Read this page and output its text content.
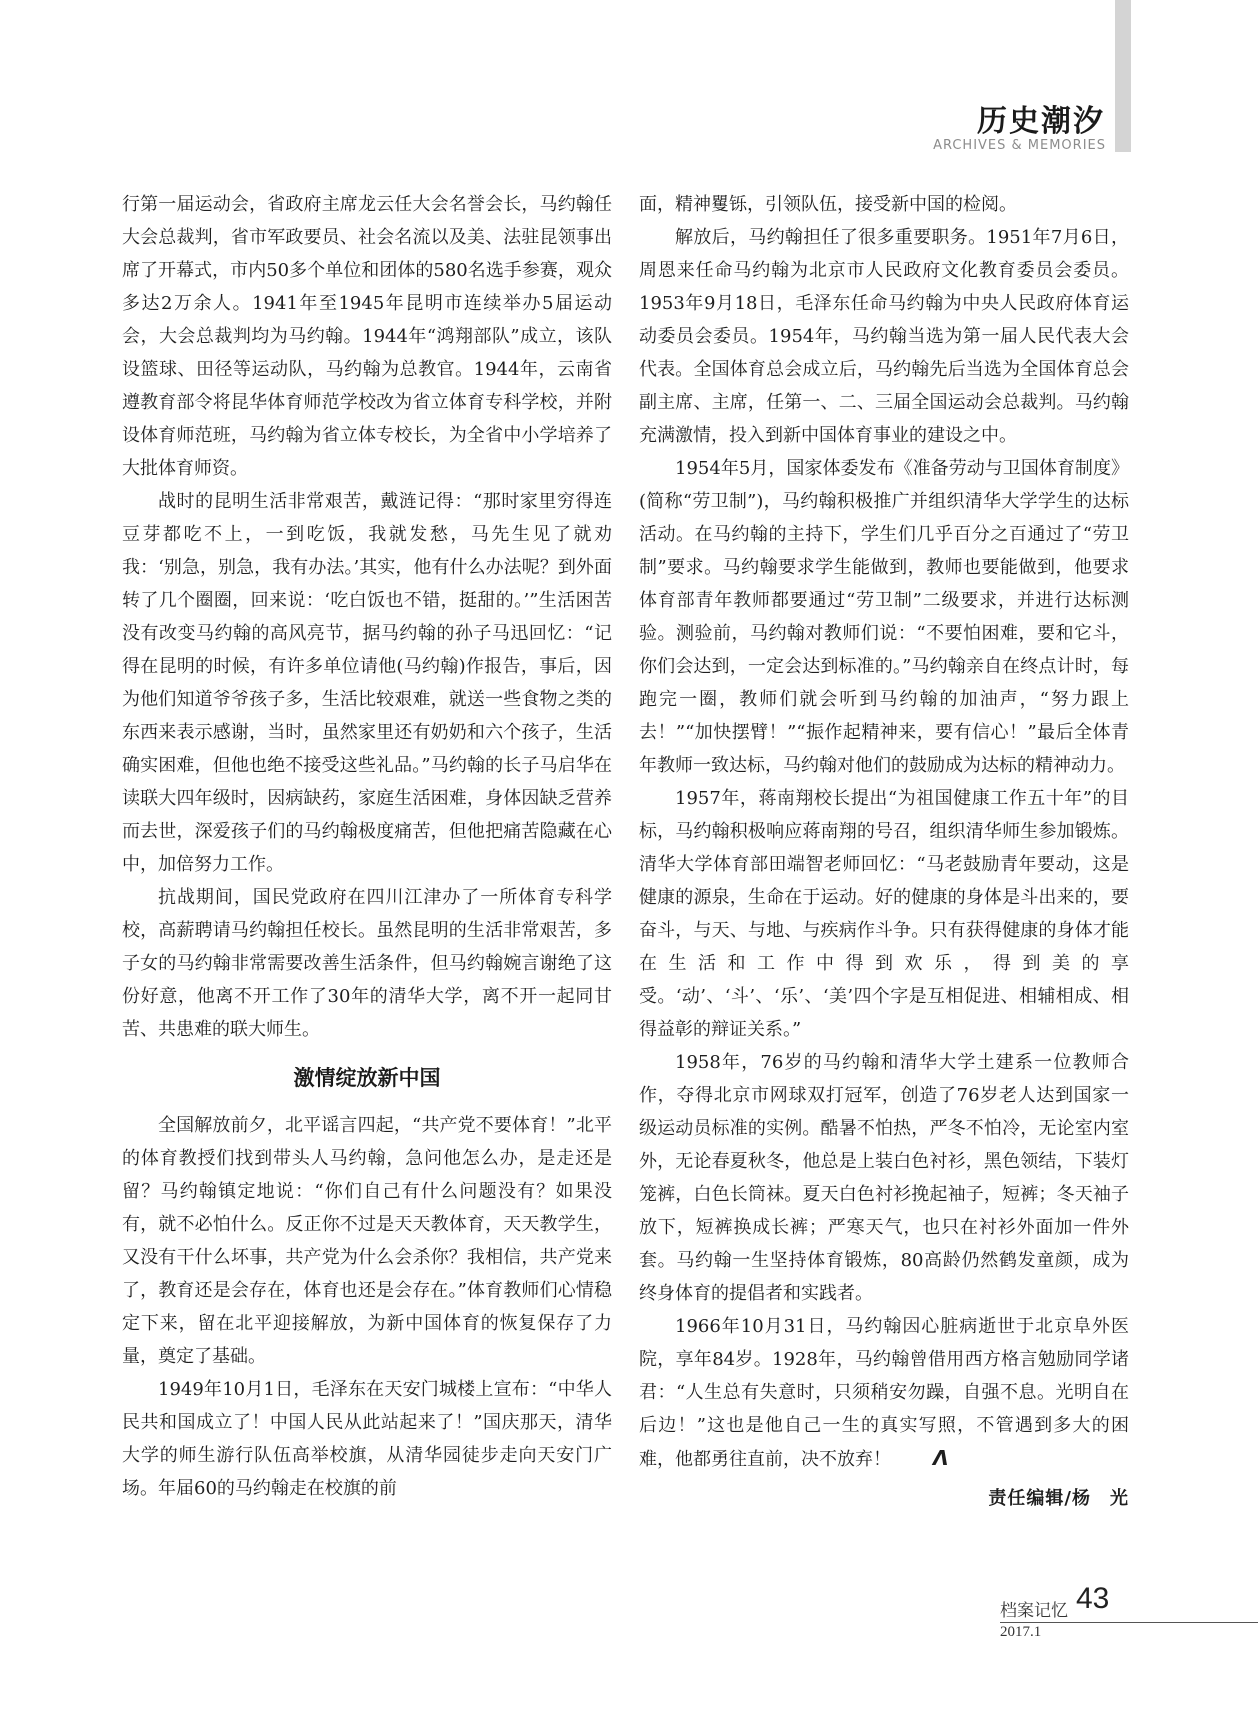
历史潮汐
ARCHIVES & MEMORIES

行第一届运动会，省政府主席龙云任大会名誉会长，马约翰任大会总裁判，省市军政要员、社会名流以及美、法驻昆领事出席了开幕式，市内50多个单位和团体的580名选手参赛，观众多达2万余人。1941年至1945年昆明市连续举办5届运动会，大会总裁判均为马约翰。1944年“鸿翔部队”成立，该队设篮球、田径等运动队，马约翰为总教官。1944年，云南省遵教育部令将昆华体育师范学校改为省立体育专科学校，并附设体育师范班，马约翰为省立体专校长，为全省中小学培养了大批体育师资。

战时的昆明生活非常艰苦，戴涟记得：“那时家里穷得连豆芽都吃不上，一到吃饭，我就发愁，马先生见了就劝我：‘别急，别急，我有办法。’其实，他有什么办法呢？到外面转了几个圈圈，回来说：‘吃白饭也不错，挺甜的。’”生活困苦没有改变马约翰的高风亮节，据马约翰的孙子马迅回忆：“记得在昆明的时候，有许多单位请他(马约翰)作报告，事后，因为他们知道爷爷孩子多，生活比较艰难，就送一些食物之类的东西来表示感谢，当时，虽然家里还有奶奶和六个孩子，生活确实困难，但他也绝不接受这些礼品。”马约翰的长子马启华在读联大四年级时，因病缺药，家庭生活困难，身体因缺乏营养而去世，深爱孩子们的马约翰极度痛苦，但他把痛苦隐藏在心中，加倍努力工作。

抗战期间，国民党政府在四川江津办了一所体育专科学校，高薪聘请马约翰担任校长。虽然昆明的生活非常艰苦，多子女的马约翰非常需要改善生活条件，但马约翰婉言谢绝了这份好意，他离不开工作了30年的清华大学，离不开一起同甘苦、共患难的联大师生。

激情绽放新中国

全国解放前夕，北平谣言四起，“共产党不要体育！”北平的体育教授们找到带头人马约翰，急问他怎么办，是走还是留？马约翰镇定地说：“你们自己有什么问题没有？如果没有，就不必怕什么。反正你不过是天天教体育，天天教学生，又没有干什么坏事，共产党为什么会杀你？我相信，共产党来了，教育还是会存在，体育也还是会存在。”体育教师们心情稳定下来，留在北平迎接解放，为新中国体育的恢复保存了力量，奠定了基础。

1949年10月1日，毛泽东在天安门城楼上宣布：“中华人民共和国成立了！中国人民从此站起来了！”国庆那天，清华大学的师生游行队伍高举校旗，从清华园徒步走向天安门广场。年届60的马约翰走在校旗的前

面，精神矍铄，引领队伍，接受新中国的检阅。

解放后，马约翰担任了很多重要职务。1951年7月6日，周恩来任命马约翰为北京市人民政府文化教育委员会委员。1953年9月18日，毛泽东任命马约翰为中央人民政府体育运动委员会委员。1954年，马约翰当选为第一届人民代表大会代表。全国体育总会成立后，马约翰先后当选为全国体育总会副主席、主席，任第一、二、三届全国运动会总裁判。马约翰充满激情，投入到新中国体育事业的建设之中。

1954年5月，国家体委发布《准备劳动与卫国体育制度》(简称“劳卫制”)，马约翰积极推广并组织清华大学学生的达标活动。在马约翰的主持下，学生们几乎百分之百通过了“劳卫制”要求。马约翰要求学生能做到，教师也要能做到，他要求体育部青年教师都要通过“劳卫制”二级要求，并进行达标测验。测验前，马约翰对教师们说：“不要怕困难，要和它斗，你们会达到，一定会达到标准的。”马约翰亲自在终点计时，每跑完一圈，教师们就会听到马约翰的加油声，“努力跟上去！”“加快摆臂！”“振作起精神来，要有信心！”最后全体青年教师一致达标，马约翰对他们的鼓励成为达标的精神动力。

1957年，蒋南翔校长提出“为祖国健康工作五十年”的目标，马约翰积极响应蒋南翔的号召，组织清华师生参加锻炼。清华大学体育部田端智老师回忆：“马老鼓励青年要动，这是健康的源泉，生命在于运动。好的健康的身体是斗出来的，要奋斗，与天、与地、与疾病作斗争。只有获得健康的身体才能在生活和工作中得到欢乐，得到美的享受。‘动’、‘斗’、‘乐’、‘美’四个字是互相促进、相辅相成、相得益彰的辩证关系。”

1958年，76岁的马约翰和清华大学土建系一位教师合作，夺得北京市网球双打冠军，创造了76岁老人达到国家一级运动员标准的实例。酷暑不怕热，严冬不怕冷，无论室内室外，无论春夏秋冬，他总是上装白色衬衫，黑色领结，下装灯笼裤，白色长筒袜。夏天白色衬衫挽起袖子，短裤；冬天袖子放下，短裤换成长裤；严寒天气，也只在衬衫外面加一件外套。马约翰一生坚持体育锻炼，80高龄仍然鹤发童颜，成为终身体育的提倡者和实践者。

1966年10月31日，马约翰因心脏病逝世于北京阜外医院，享年84岁。1928年，马约翰曾借用西方格言勉励同学诸君：“人生总有失意时，只须稍安勿躁，自强不息。光明自在后边！”这也是他自己一生的真实写照，不管遇到多大的困难，他都勇往直前，决不放弃！ Λ

责任编辑/杨　光
档案记忆 43
2017.1
